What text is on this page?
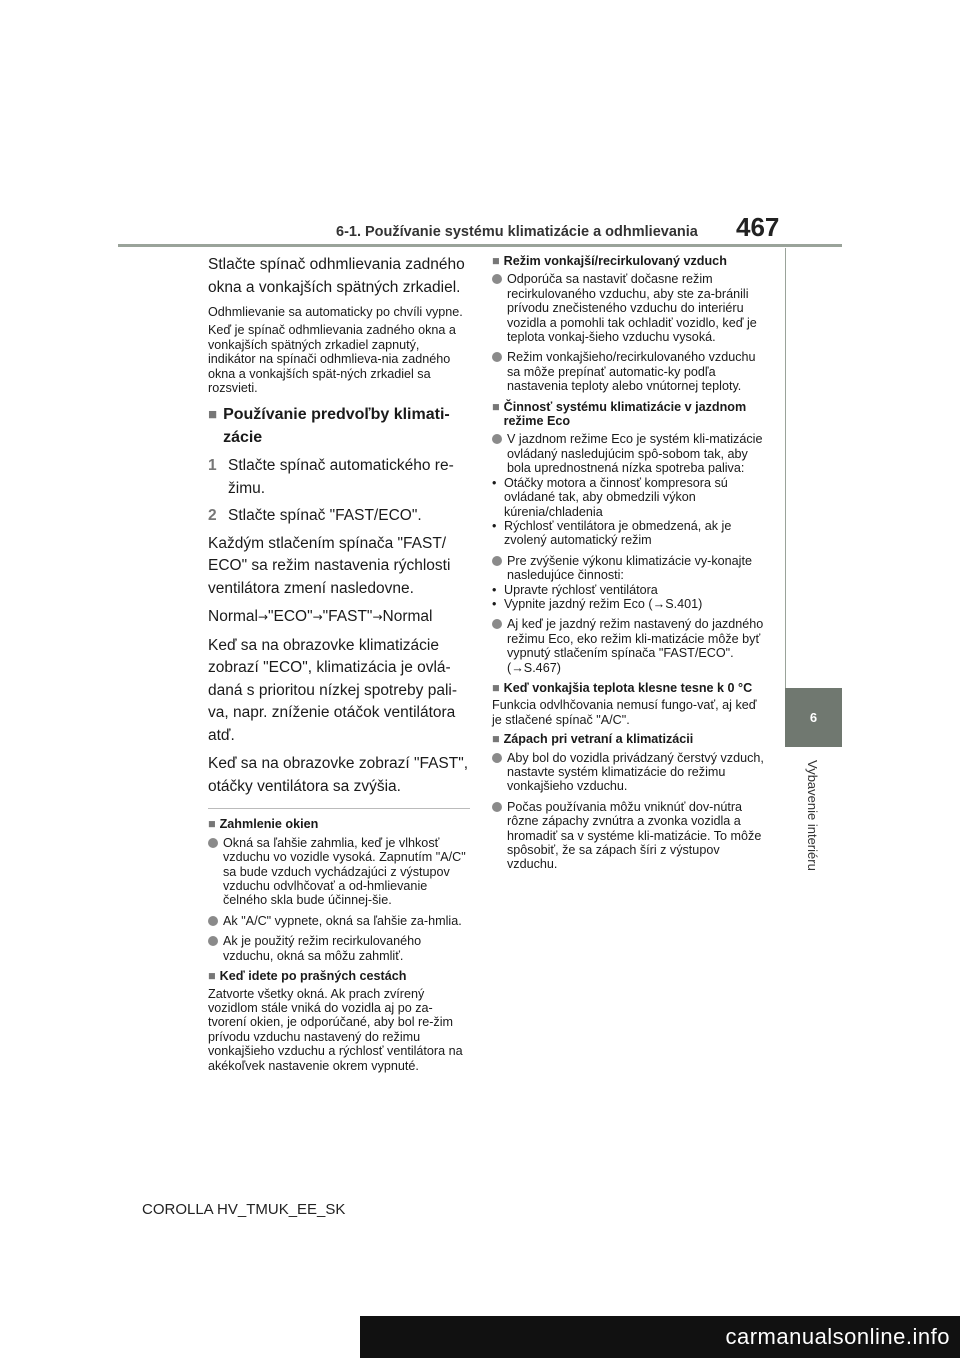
6-1. Používanie systému klimatizácie a odhmlievania 467
6
Vybavenie interiéru

Stlačte spínač odhmlievania zadného okna a vonkajších spätných zrkadiel.

Odhmlievanie sa automaticky po chvíli vypne.

Keď je spínač odhmlievania zadného okna a vonkajších spätných zrkadiel zapnutý, indikátor na spínači odhmlieva-nia zadného okna a vonkajších spät-ných zrkadiel sa rozsvieti.

■ Používanie predvoľby klimati-zácie
1 Stlačte spínač automatického re-žimu.
2 Stlačte spínač "FAST/ECO".

Každým stlačením spínača "FAST/ ECO" sa režim nastavenia rýchlosti ventilátora zmení nasledovne.

Normal → "ECO" → "FAST" → Normal

Keď sa na obrazovke klimatizácie zobrazí "ECO", klimatizácia je ovlá-daná s prioritou nízkej spotreby pali-va, napr. zníženie otáčok ventilátora atď.

Keď sa na obrazovke zobrazí "FAST", otáčky ventilátora sa zvýšia.

■ Zahmlenie okien
Okná sa ľahšie zahmlia, keď je vlhkosť vzduchu vo vozidle vysoká. Zapnutím "A/C" sa bude vzduch vychádzajúci z výstupov vzduchu odvlhčovať a od-hmlievanie čelného skla bude účinnej-šie.
Ak "A/C" vypnete, okná sa ľahšie za-hmlia.
Ak je použitý režim recirkulovaného vzduchu, okná sa môžu zahmliť.
■ Keď idete po prašných cestách

Zatvorte všetky okná. Ak prach zvírený vozidlom stále vniká do vozidla aj po za-tvorení okien, je odporúčané, aby bol re-žim prívodu vzduchu nastavený do režimu vonkajšieho vzduchu a rýchlosť ventilátora na akékoľvek nastavenie okrem vypnuté.

■ Režim vonkajší/recirkulovaný vzduch
Odporúča sa nastaviť dočasne režim recirkulovaného vzduchu, aby ste za-bránili prívodu znečisteného vzduchu do interiéru vozidla a pomohli tak ochladiť vozidlo, keď je teplota vonkaj-šieho vzduchu vysoká.
Režim vonkajšieho/recirkulovaného vzduchu sa môže prepínať automatic-ky podľa nastavenia teploty alebo vnútornej teploty.
■ Činnosť systému klimatizácie v jazdnom režime Eco
V jazdnom režime Eco je systém kli-matizácie ovládaný nasledujúcim spô-sobom tak, aby bola uprednostnená nízka spotreba paliva:
• Otáčky motora a činnosť kompresora sú ovládané tak, aby obmedzili výkon kúrenia/chladenia
• Rýchlosť ventilátora je obmedzená, ak je zvolený automatický režim
Pre zvýšenie výkonu klimatizácie vy-konajte nasledujúce činnosti:
• Upravte rýchlosť ventilátora
• Vypnite jazdný režim Eco (→S.401)
Aj keď je jazdný režim nastavený do jazdného režimu Eco, eko režim kli-matizácie môže byť vypnutý stlačením spínača "FAST/ECO". (→S.467)
■ Keď vonkajšia teplota klesne tesne k 0 °C

Funkcia odvlhčovania nemusí fungo-vať, aj keď je stlačené spínač "A/C".

■ Zápach pri vetraní a klimatizácii
Aby bol do vozidla privádzaný čerstvý vzduch, nastavte systém klimatizácie do režimu vonkajšieho vzduchu.
Počas používania môžu vniknúť dov-nútra rôzne zápachy zvnútra a zvonka vozidla a hromadiť sa v systéme kli-matizácie. To môže spôsobiť, že sa zápach šíri z výstupov vzduchu.
COROLLA HV_TMUK_EE_SK
carmanualsonline.info
